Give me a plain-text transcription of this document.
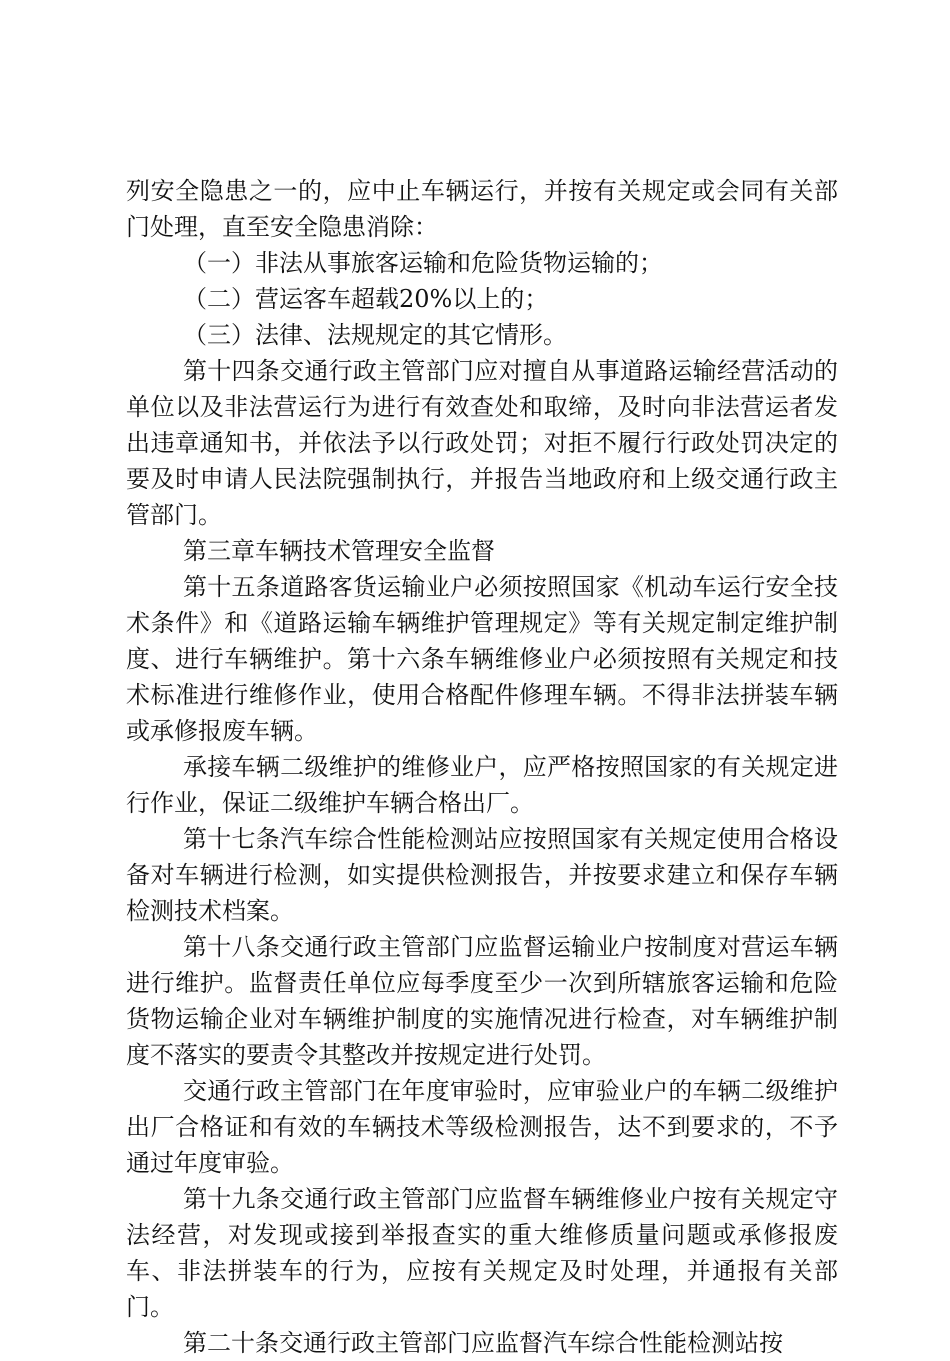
列安全隐患之一的，应中止车辆运行，并按有关规定或会同有关部门处理，直至安全隐患消除：

（一）非法从事旅客运输和危险货物运输的；

（二）营运客车超载20%以上的；

（三）法律、法规规定的其它情形。

第十四条交通行政主管部门应对擅自从事道路运输经营活动的单位以及非法营运行为进行有效查处和取缔，及时向非法营运者发出违章通知书，并依法予以行政处罚；对拒不履行行政处罚决定的要及时申请人民法院强制执行，并报告当地政府和上级交通行政主管部门。

第三章车辆技术管理安全监督

第十五条道路客货运输业户必须按照国家《机动车运行安全技术条件》和《道路运输车辆维护管理规定》等有关规定制定维护制度、进行车辆维护。第十六条车辆维修业户必须按照有关规定和技术标准进行维修作业，使用合格配件修理车辆。不得非法拼装车辆或承修报废车辆。

承接车辆二级维护的维修业户，应严格按照国家的有关规定进行作业，保证二级维护车辆合格出厂。

第十七条汽车综合性能检测站应按照国家有关规定使用合格设备对车辆进行检测，如实提供检测报告，并按要求建立和保存车辆检测技术档案。

第十八条交通行政主管部门应监督运输业户按制度对营运车辆进行维护。监督责任单位应每季度至少一次到所辖旅客运输和危险货物运输企业对车辆维护制度的实施情况进行检查，对车辆维护制度不落实的要责令其整改并按规定进行处罚。

交通行政主管部门在年度审验时，应审验业户的车辆二级维护出厂合格证和有效的车辆技术等级检测报告，达不到要求的，不予通过年度审验。

第十九条交通行政主管部门应监督车辆维修业户按有关规定守法经营，对发现或接到举报查实的重大维修质量问题或承修报废车、非法拼装车的行为，应按有关规定及时处理，并通报有关部门。

第二十条交通行政主管部门应监督汽车综合性能检测站按
